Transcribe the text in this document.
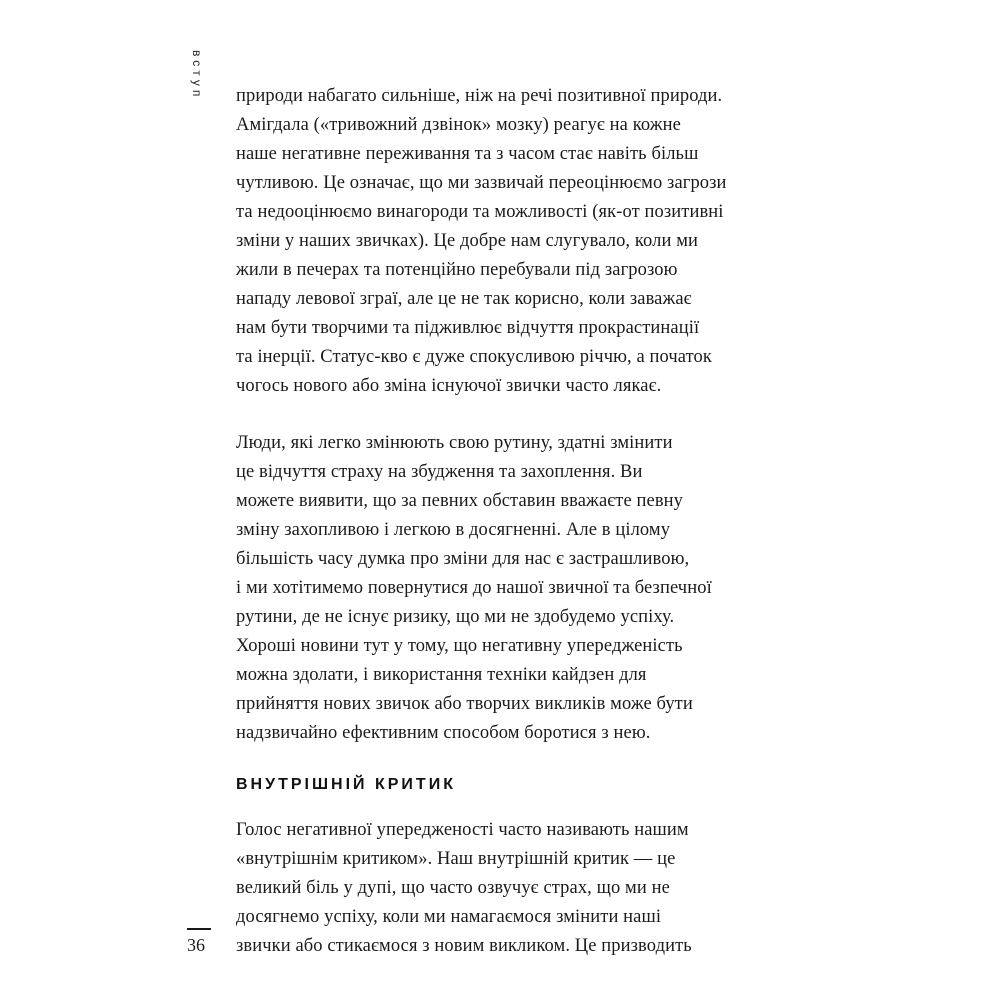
вступ природи набагато сильніше, ніж на речі позитивної природи.
Амігдала («тривожний дзвінок» мозку) реагує на кожне
наше негативне переживання та з часом стає навіть більш
чутливою. Це означає, що ми зазвичай переоцінюємо загрози
та недооцінюємо винагороди та можливості (як-от позитивні
зміни у наших звичках). Це добре нам слугувало, коли ми
жили в печерах та потенційно перебували під загрозою
нападу левової зграї, але це не так корисно, коли заважає
нам бути творчими та підживлює відчуття прокрастинації
та інерції. Статус-кво є дуже спокусливою річчю, а початок
чогось нового або зміна існуючої звички часто лякає.
Люди, які легко змінюють свою рутину, здатні змінити
це відчуття страху на збудження та захоплення. Ви
можете виявити, що за певних обставин вважаєте певну
зміну захопливою і легкою в досягненні. Але в цілому
більшість часу думка про зміни для нас є застрашливою,
і ми хотітимемо повернутися до нашої звичної та безпечної
рутини, де не існує ризику, що ми не здобудемо успіху.
Хороші новини тут у тому, що негативну упередженість
можна здолати, і використання техніки кайдзен для
прийняття нових звичок або творчих викликів може бути
надзвичайно ефективним способом боротися з нею.
ВНУТРІШНІЙ КРИТИК
Голос негативної упередженості часто називають нашим
«внутрішнім критиком». Наш внутрішній критик — це
великий біль у дупі, що часто озвучує страх, що ми не
досягнемо успіху, коли ми намагаємося змінити наші
звички або стикаємося з новим викликом. Це призводить
36
